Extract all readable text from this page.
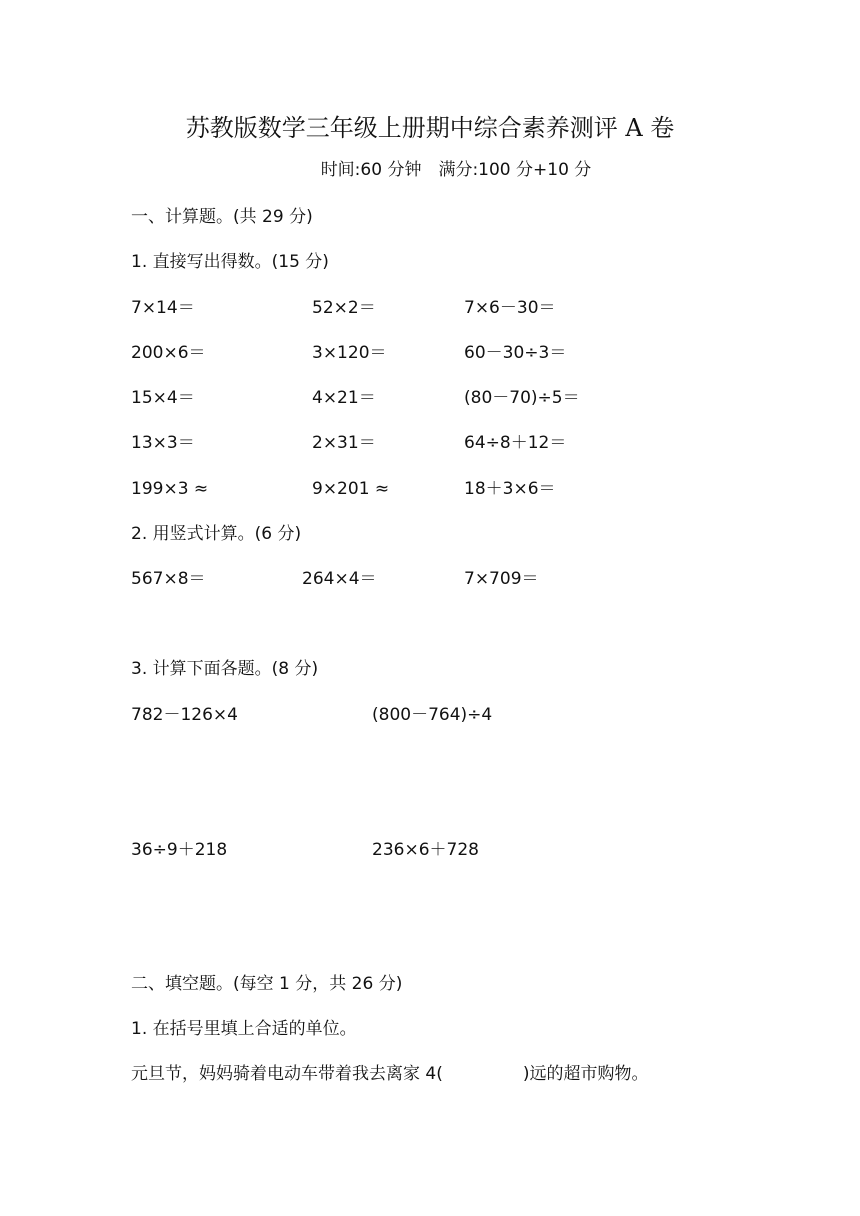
苏教版数学三年级上册期中综合素养测评 A 卷
时间:60 分钟　满分:100 分+10 分
一、计算题。(共 29 分)
1. 直接写出得数。(15 分)
7×14＝	52×2＝	7×6－30＝
200×6＝	3×120＝	60－30÷3＝
15×4＝	4×21＝	(80－70)÷5＝
13×3＝	2×31＝	64÷8＋12＝
199×3 ≈	9×201 ≈	18＋3×6＝
2. 用竖式计算。(6 分)
567×8＝	264×4＝	7×709＝
3. 计算下面各题。(8 分)
782－126×4	(800－764)÷4
36÷9＋218	236×6＋728
二、填空题。(每空 1 分，共 26 分)
1. 在括号里填上合适的单位。
元旦节，妈妈骑着电动车带着我去离家 4(	)远的超市购物。
